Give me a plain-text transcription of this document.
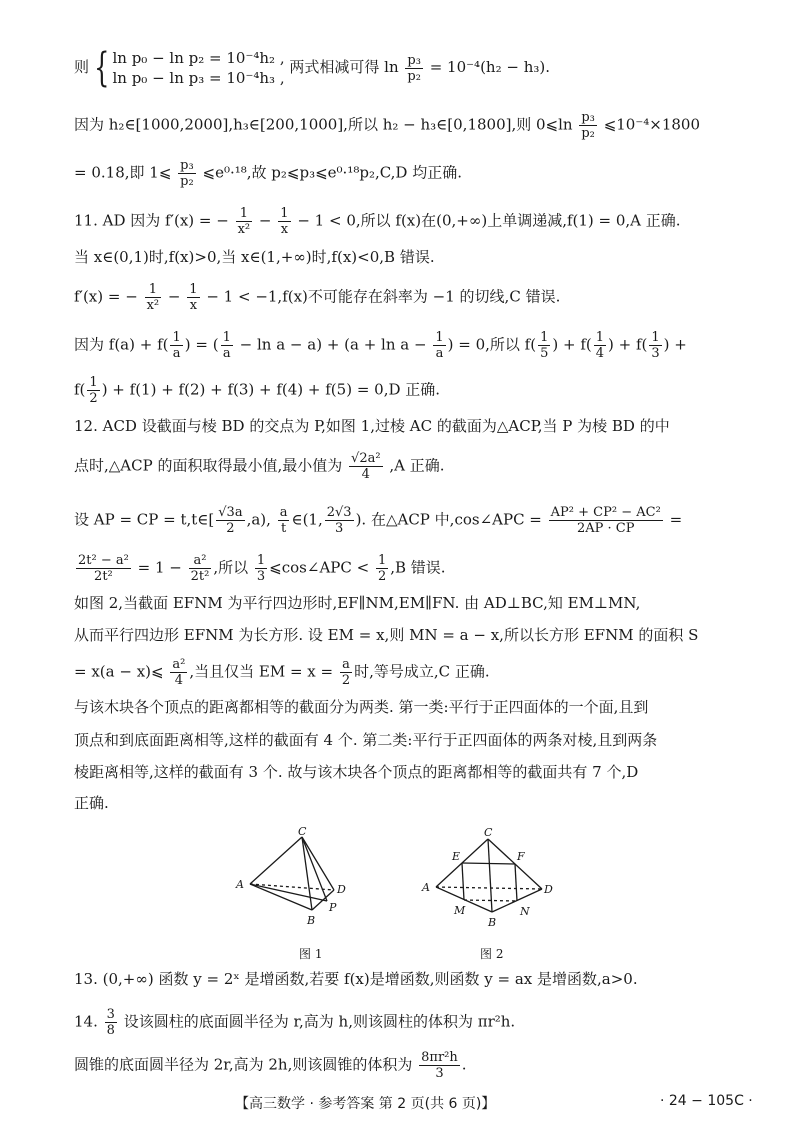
则 { ln p₀ − ln p₂ = 10⁻⁴h₂ ,
ln p₀ − ln p₃ = 10⁻⁴h₃ ,
两式相减可得 $\ln \frac{\text{p₃}}{\text{p₂}} = 10^{-4}(h_2 - h_3)$.
因为 h₂∈[1000,2000],h₃∈[200,1000],所以 h₂ − h₃∈[0,1800],则 0⩽ln $\frac{\text{p₃}}{\text{p₂}}$ ⩽10⁻⁴×1800
= 0.18,即 1⩽ $\frac{\text{p₃}}{\text{p₂}}$ ⩽e⁰·¹⁸,故 p₂⩽p₃⩽e⁰·¹⁸p₂,C,D 均正确.
11. AD 因为 f′(x) = − $\frac{1}{\text{x²}} - \frac{1}{x} - 1 < 0$,所以 f(x)在(0,+∞)上单调递减,f(1) = 0,A 正确.
当 x∈(0,1)时,f(x)>0,当 x∈(1,+∞)时,f(x)<0,B 错误.
f′(x) = − $\frac{1}{\text{x²}} - \frac{1}{x} - 1 < -1,f(x)$不可能存在斜率为 −1 的切线,C 错误.
因为 $f(a) + f( \frac{1}{a}$ ) = ( $\frac{1}{a} - \ln a - a) + (a + \ln a - \frac{1}{a}$ ) = 0,所以 $f( \frac{1}{5}$ ) + $f( \frac{1}{4}$ ) + $f( \frac{1}{3}$ ) +
$f( \frac{1}{2}$ ) + f(1) + f(2) + f(3) + f(4) + f(5) = 0,D 正确.
12. ACD 设截面与棱 BD 的交点为 P,如图 1,过棱 AC 的截面为△ACP,当 P 为棱 BD 的中
点时,△ACP 的面积取得最小值,最小值为 $\frac{\text{√2a²}}{4} ,A$ 正确.
设 AP = CP = t,t∈[ $\frac{√3a}{2} ,a$), $\frac{a}{t}$ ∈(1, $\frac{2√3}{3}$ ). 在△ACP 中,cos∠APC = $\frac{\text{AP² + CP² − AC²}}{2AP \cdot CP}$ =
$\frac{\text{2t² − a²}}{\text{2t²}} = 1 - \frac{\text{a²}}{\text{2t²}}$ ,所以 $\frac{1}{3}$ ⩽cos∠APC < $\frac{1}{2} ,B$ 错误.
如图 2,当截面 EFNM 为平行四边形时,EF∥NM,EM∥FN. 由 AD⊥BC,知 EM⊥MN,
从而平行四边形 EFNM 为长方形. 设 EM = x,则 MN = a − x,所以长方形 EFNM 的面积 S
= x(a − x)⩽ $\frac{\text{a²}}{4}$ ,当且仅当 EM = $x = \frac{a}{2}$ 时,等号成立,C 正确.
与该木块各个顶点的距离都相等的截面分为两类. 第一类:平行于正四面体的一个面,且到
顶点和到底面距离相等,这样的截面有 4 个. 第二类:平行于正四面体的两条对棱,且到两条
棱距离相等,这样的截面有 3 个. 故与该木块各个顶点的距离都相等的截面共有 7 个,D
正确.
C
A	D
B
P
图 1
C
E	F
A	D
M	N
B
图 2
13. (0,+∞) 函数 y = 2ˣ 是增函数,若要 f(x)是增函数,则函数 y = ax 是增函数,a>0.
14. $\frac{3}{8}$ 设该圆柱的底面圆半径为 r,高为 h,则该圆柱的体积为 πr²h.
圆锥的底面圆半径为 2r,高为 2h,则该圆锥的体积为 $\frac{\text{8πr²h}}{3}$ .
【高三数学 · 参考答案 第 2 页(共 6 页)】	· 24 − 105C ·
